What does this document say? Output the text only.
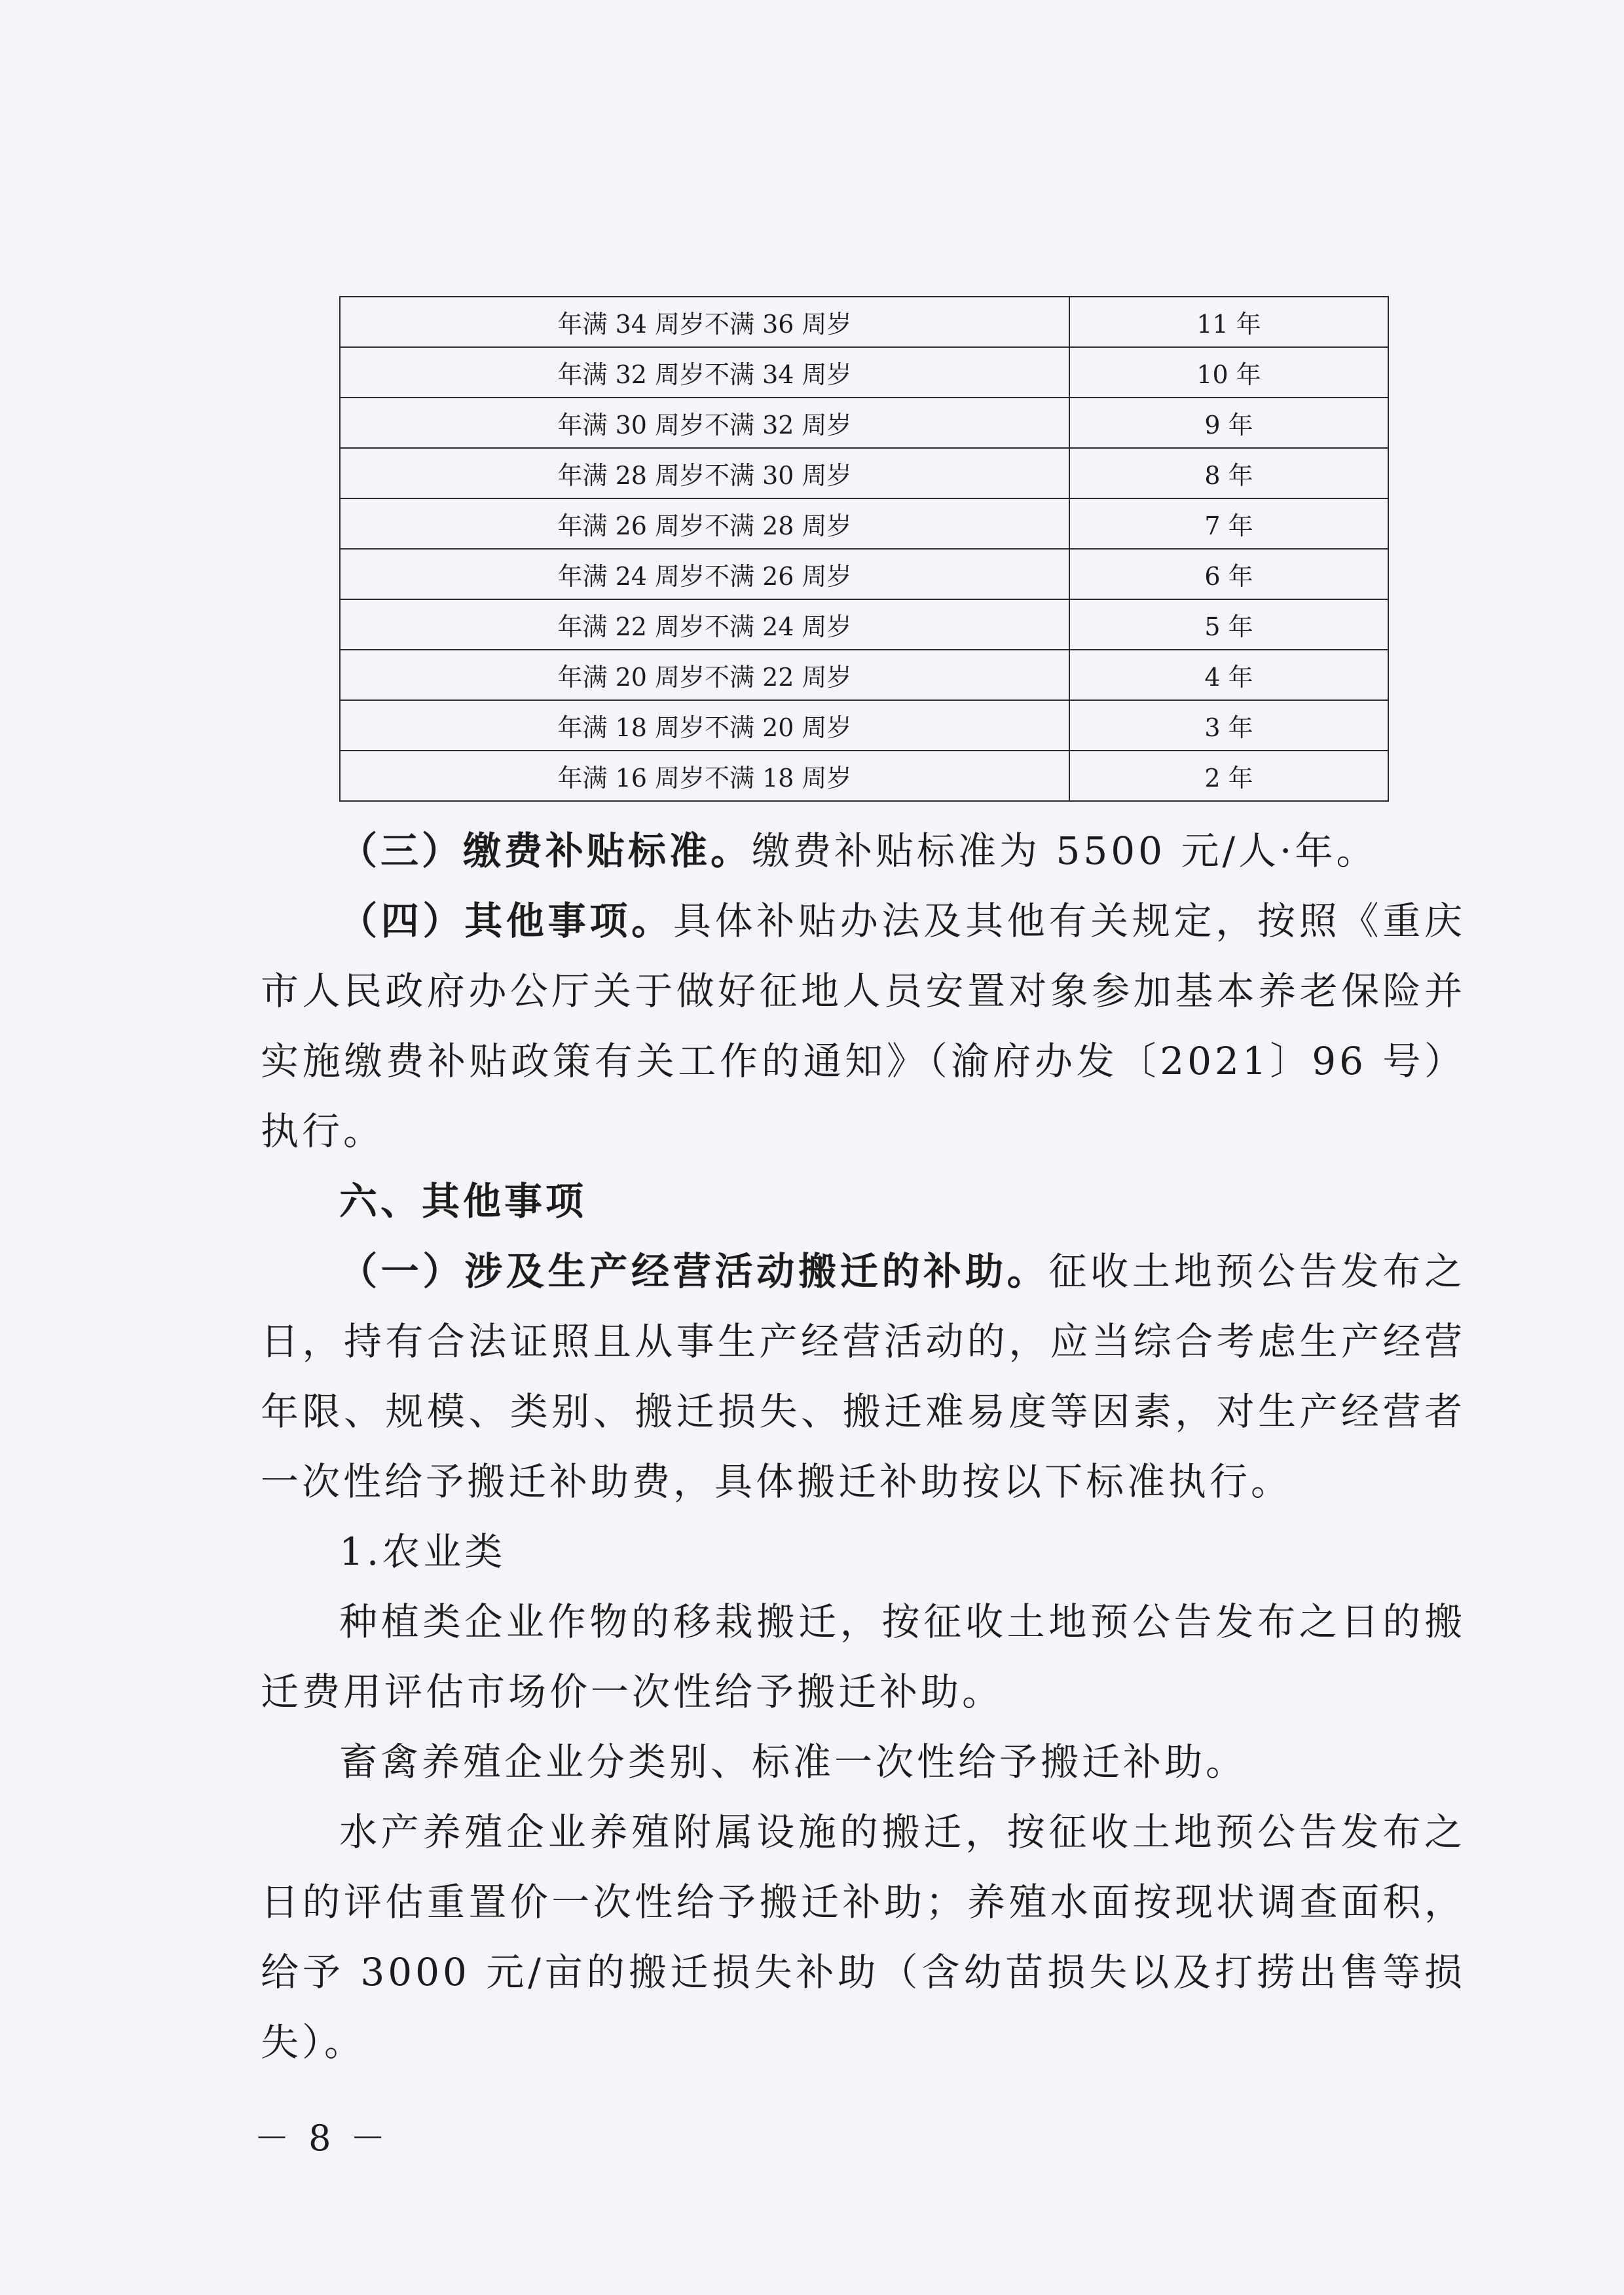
年满 34 周岁不满 36 周岁	11 年
年满 32 周岁不满 34 周岁	10 年
年满 30 周岁不满 32 周岁	9 年
年满 28 周岁不满 30 周岁	8 年
年满 26 周岁不满 28 周岁	7 年
年满 24 周岁不满 26 周岁	6 年
年满 22 周岁不满 24 周岁	5 年
年满 20 周岁不满 22 周岁	4 年
年满 18 周岁不满 20 周岁	3 年
年满 16 周岁不满 18 周岁	2 年

（三）缴费补贴标准。缴费补贴标准为 5500 元/人·年。

（四）其他事项。具体补贴办法及其他有关规定，按照《重庆市人民政府办公厅关于做好征地人员安置对象参加基本养老保险并实施缴费补贴政策有关工作的通知》（渝府办发〔2021〕96 号）执行。

六、其他事项

（一）涉及生产经营活动搬迁的补助。征收土地预公告发布之日，持有合法证照且从事生产经营活动的，应当综合考虑生产经营年限、规模、类别、搬迁损失、搬迁难易度等因素，对生产经营者一次性给予搬迁补助费，具体搬迁补助按以下标准执行。

1.农业类

种植类企业作物的移栽搬迁，按征收土地预公告发布之日的搬迁费用评估市场价一次性给予搬迁补助。

畜禽养殖企业分类别、标准一次性给予搬迁补助。

水产养殖企业养殖附属设施的搬迁，按征收土地预公告发布之日的评估重置价一次性给予搬迁补助；养殖水面按现状调查面积，给予 3000 元/亩的搬迁损失补助（含幼苗损失以及打捞出售等损失）。

－ 8 －
